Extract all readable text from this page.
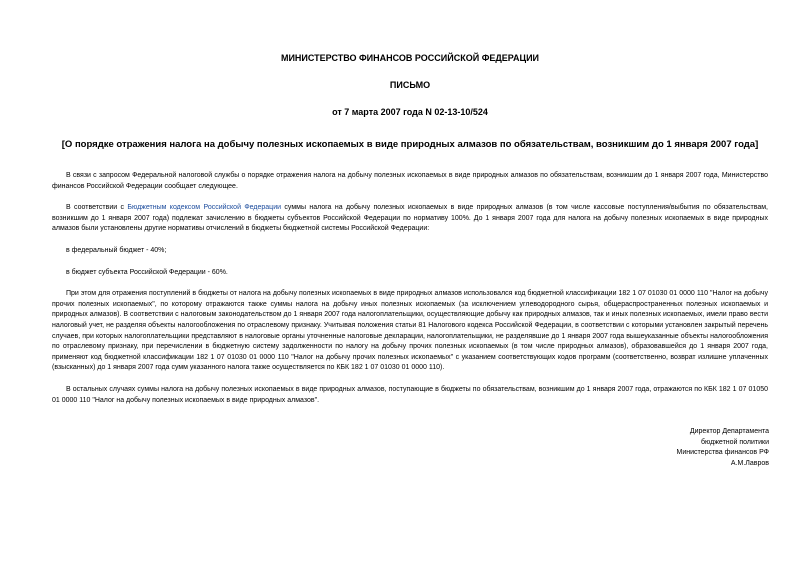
МИНИСТЕРСТВО ФИНАНСОВ РОССИЙСКОЙ ФЕДЕРАЦИИ
ПИСЬМО
от 7 марта 2007 года N 02-13-10/524
[О порядке отражения налога на добычу полезных ископаемых в виде природных алмазов по обязательствам, возникшим до 1 января 2007 года]

В связи с запросом Федеральной налоговой службы о порядке отражения налога на добычу полезных ископаемых в виде природных алмазов по обязательствам, возникшим до 1 января 2007 года, Министерство финансов Российской Федерации сообщает следующее.

В соответствии с Бюджетным кодексом Российской Федерации суммы налога на добычу полезных ископаемых в виде природных алмазов (в том числе кассовые поступления/выбытия по обязательствам, возникшим до 1 января 2007 года) подлежат зачислению в бюджеты субъектов Российской Федерации по нормативу 100%. До 1 января 2007 года для налога на добычу полезных ископаемых в виде природных алмазов были установлены другие нормативы отчислений в бюджеты бюджетной системы Российской Федерации:

в федеральный бюджет - 40%;

в бюджет субъекта Российской Федерации - 60%.

При этом для отражения поступлений в бюджеты от налога на добычу полезных ископаемых в виде природных алмазов использовался код бюджетной классификации 182 1 07 01030 01 0000 110 "Налог на добычу прочих полезных ископаемых", по которому отражаются также суммы налога на добычу иных полезных ископаемых (за исключением углеводородного сырья, общераспространенных полезных ископаемых и природных алмазов). В соответствии с налоговым законодательством до 1 января 2007 года налогоплательщики, осуществляющие добычу как природных алмазов, так и иных полезных ископаемых, имели право вести налоговый учет, не разделяя объекты налогообложения по отраслевому признаку. Учитывая положения статьи 81 Налогового кодекса Российской Федерации, в соответствии с которыми установлен закрытый перечень случаев, при которых налогоплательщики представляют в налоговые органы уточненные налоговые декларации, налогоплательщики, не разделявшие до 1 января 2007 года вышеуказанные объекты налогообложения по отраслевому признаку, при перечислении в бюджетную систему задолженности по налогу на добычу прочих полезных ископаемых (в том числе природных алмазов), образовавшейся до 1 января 2007 года, применяют код бюджетной классификации 182 1 07 01030 01 0000 110 "Налог на добычу прочих полезных ископаемых" с указанием соответствующих кодов программ (соответственно, возврат излишне уплаченных (взысканных) до 1 января 2007 года сумм указанного налога также осуществляется по КБК 182 1 07 01030 01 0000 110).

В остальных случаях суммы налога на добычу полезных ископаемых в виде природных алмазов, поступающие в бюджеты по обязательствам, возникшим до 1 января 2007 года, отражаются по КБК 182 1 07 01050 01 0000 110 "Налог на добычу полезных ископаемых в виде природных алмазов".

Директор Департамента
бюджетной политики
Министерства финансов РФ
А.М.Лавров
